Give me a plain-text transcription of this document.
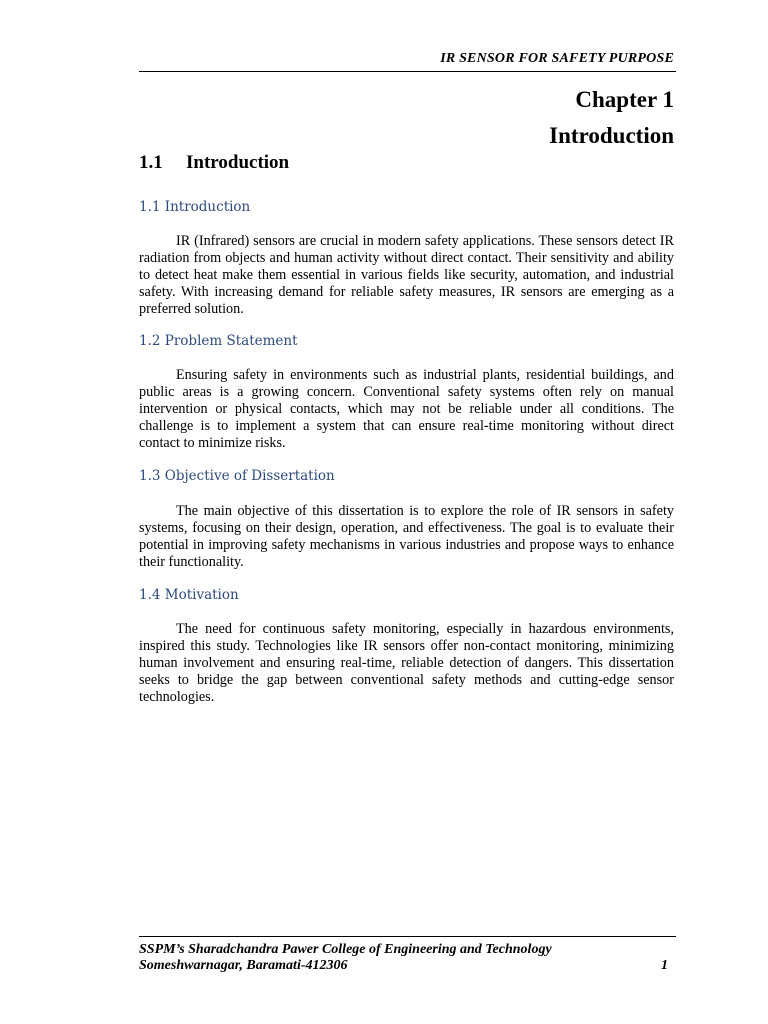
IR SENSOR FOR SAFETY PURPOSE
Chapter 1
Introduction
1.1 Introduction
1.1 Introduction

IR (Infrared) sensors are crucial in modern safety applications. These sensors detect IR radiation from objects and human activity without direct contact. Their sensitivity and ability to detect heat make them essential in various fields like security, automation, and industrial safety. With increasing demand for reliable safety measures, IR sensors are emerging as a preferred solution.

1.2 Problem Statement

Ensuring safety in environments such as industrial plants, residential buildings, and public areas is a growing concern. Conventional safety systems often rely on manual intervention or physical contacts, which may not be reliable under all conditions. The challenge is to implement a system that can ensure real-time monitoring without direct contact to minimize risks.

1.3 Objective of Dissertation

The main objective of this dissertation is to explore the role of IR sensors in safety systems, focusing on their design, operation, and effectiveness. The goal is to evaluate their potential in improving safety mechanisms in various industries and propose ways to enhance their functionality.

1.4 Motivation

The need for continuous safety monitoring, especially in hazardous environments, inspired this study. Technologies like IR sensors offer non-contact monitoring, minimizing human involvement and ensuring real-time, reliable detection of dangers. This dissertation seeks to bridge the gap between conventional safety methods and cutting-edge sensor technologies.

SSPM’s Sharadchandra Pawer College of Engineering and Technology
Someshwarnagar, Baramati-412306	1
